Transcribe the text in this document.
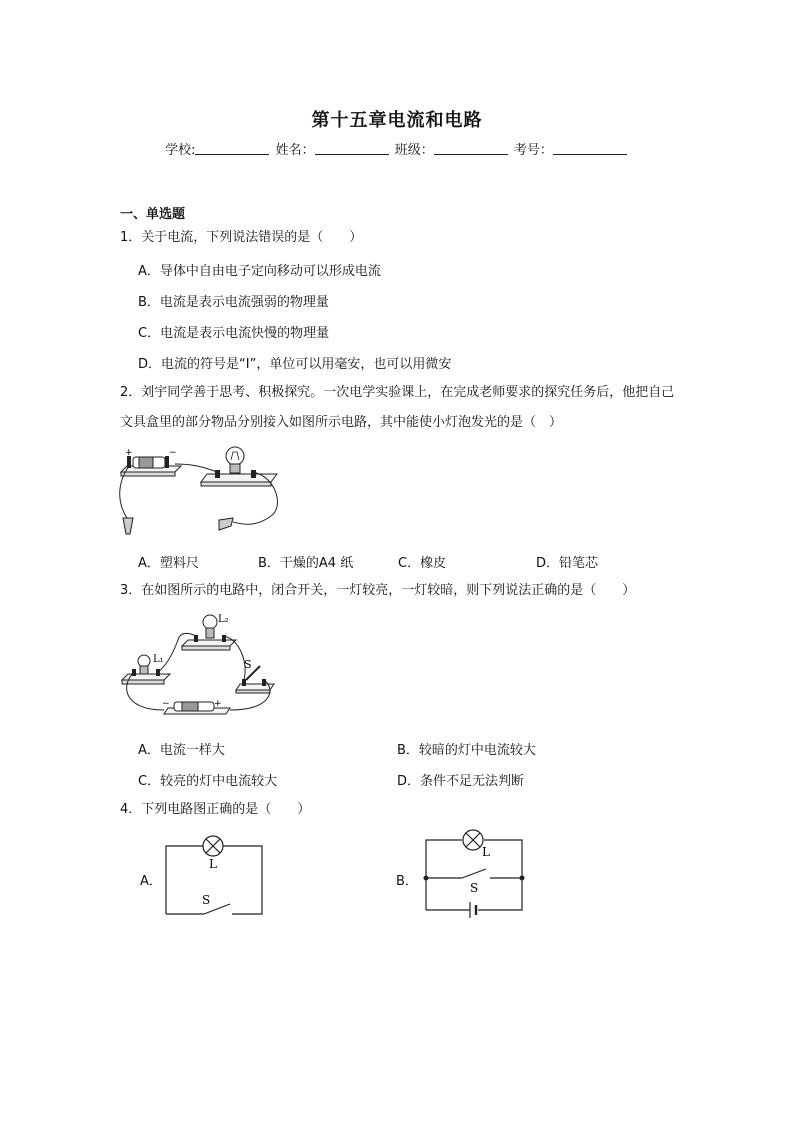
第十五章电流和电路
学校:	姓名：	班级：	考号：
一、单选题
1．关于电流，下列说法错误的是（　　）
A．导体中自由电子定向移动可以形成电流
B．电流是表示电流强弱的物理量
C．电流是表示电流快慢的物理量
D．电流的符号是“I”，单位可以用毫安，也可以用微安
2．刘宇同学善于思考、积极探究。一次电学实验课上，在完成老师要求的探究任务后，他把自己文具盒里的部分物品分别接入如图所示电路，其中能使小灯泡发光的是（　）
+	−
A．塑料尺	B．干燥的A4 纸	C．橡皮	D．铅笔芯
3．在如图所示的电路中，闭合开关，一灯较亮，一灯较暗，则下列说法正确的是（　　）
L₂
L₁	S
−	+
A．电流一样大	B．较暗的灯中电流较大
C．较亮的灯中电流较大	D．条件不足无法判断
4．下列电路图正确的是（　　）
A．
L
S
B．
L
S
